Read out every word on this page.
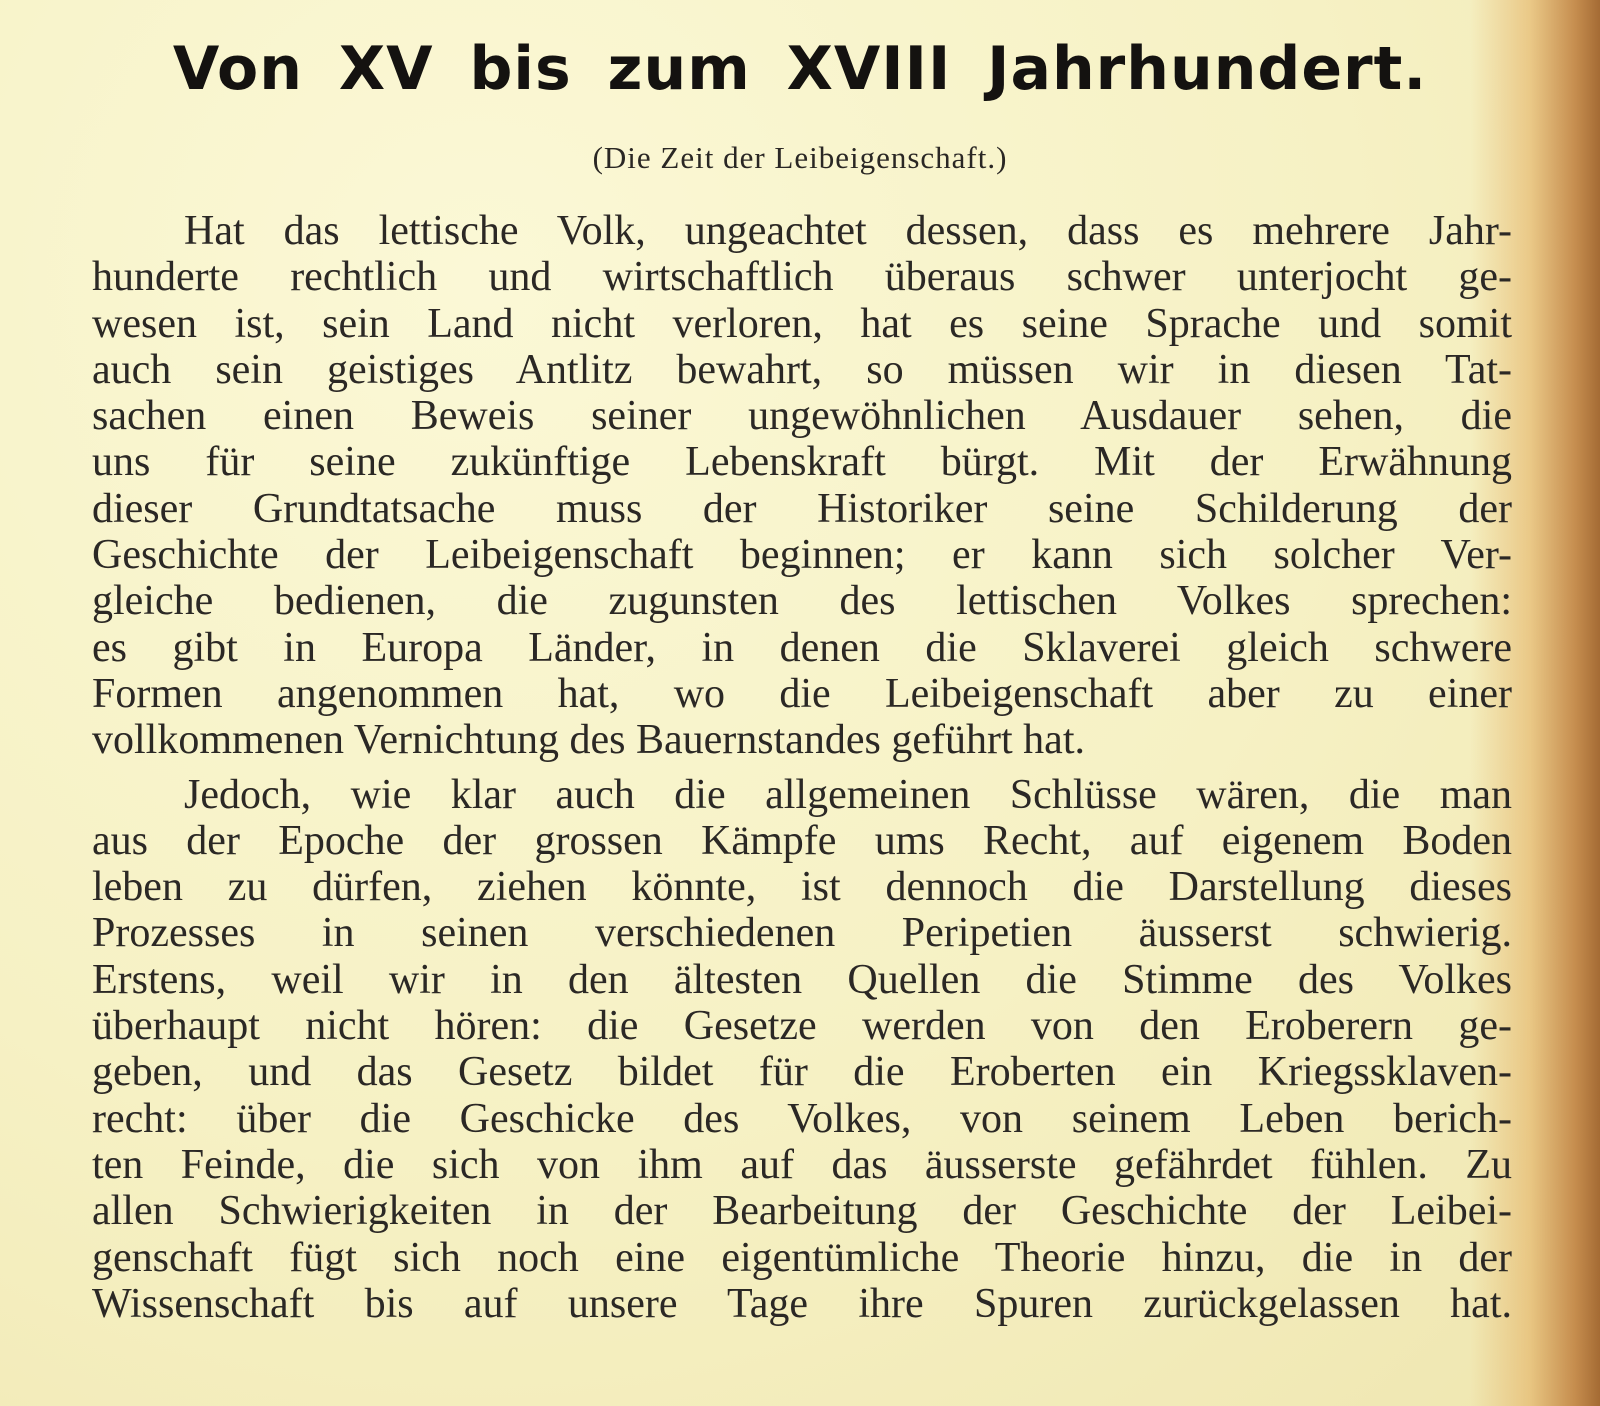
Von XV bis zum XVIII Jahrhundert.
(Die Zeit der Leibeigenschaft.)
Hat das lettische Volk, ungeachtet dessen, dass es mehrere Jahr-
hunderte rechtlich und wirtschaftlich überaus schwer unterjocht ge-
wesen ist, sein Land nicht verloren, hat es seine Sprache und somit
auch sein geistiges Antlitz bewahrt, so müssen wir in diesen Tat-
sachen einen Beweis seiner ungewöhnlichen Ausdauer sehen, die
uns für seine zukünftige Lebenskraft bürgt. Mit der Erwähnung
dieser Grundtatsache muss der Historiker seine Schilderung der
Geschichte der Leibeigenschaft beginnen; er kann sich solcher Ver-
gleiche bedienen, die zugunsten des lettischen Volkes sprechen:
es gibt in Europa Länder, in denen die Sklaverei gleich schwere
Formen angenommen hat, wo die Leibeigenschaft aber zu einer
vollkommenen Vernichtung des Bauernstandes geführt hat.
Jedoch, wie klar auch die allgemeinen Schlüsse wären, die man
aus der Epoche der grossen Kämpfe ums Recht, auf eigenem Boden
leben zu dürfen, ziehen könnte, ist dennoch die Darstellung dieses
Prozesses in seinen verschiedenen Peripetien äusserst schwierig.
Erstens, weil wir in den ältesten Quellen die Stimme des Volkes
überhaupt nicht hören: die Gesetze werden von den Eroberern ge-
geben, und das Gesetz bildet für die Eroberten ein Kriegssklaven-
recht: über die Geschicke des Volkes, von seinem Leben berich-
ten Feinde, die sich von ihm auf das äusserste gefährdet fühlen. Zu
allen Schwierigkeiten in der Bearbeitung der Geschichte der Leibei-
genschaft fügt sich noch eine eigentümliche Theorie hinzu, die in der
Wissenschaft bis auf unsere Tage ihre Spuren zurückgelassen hat.
